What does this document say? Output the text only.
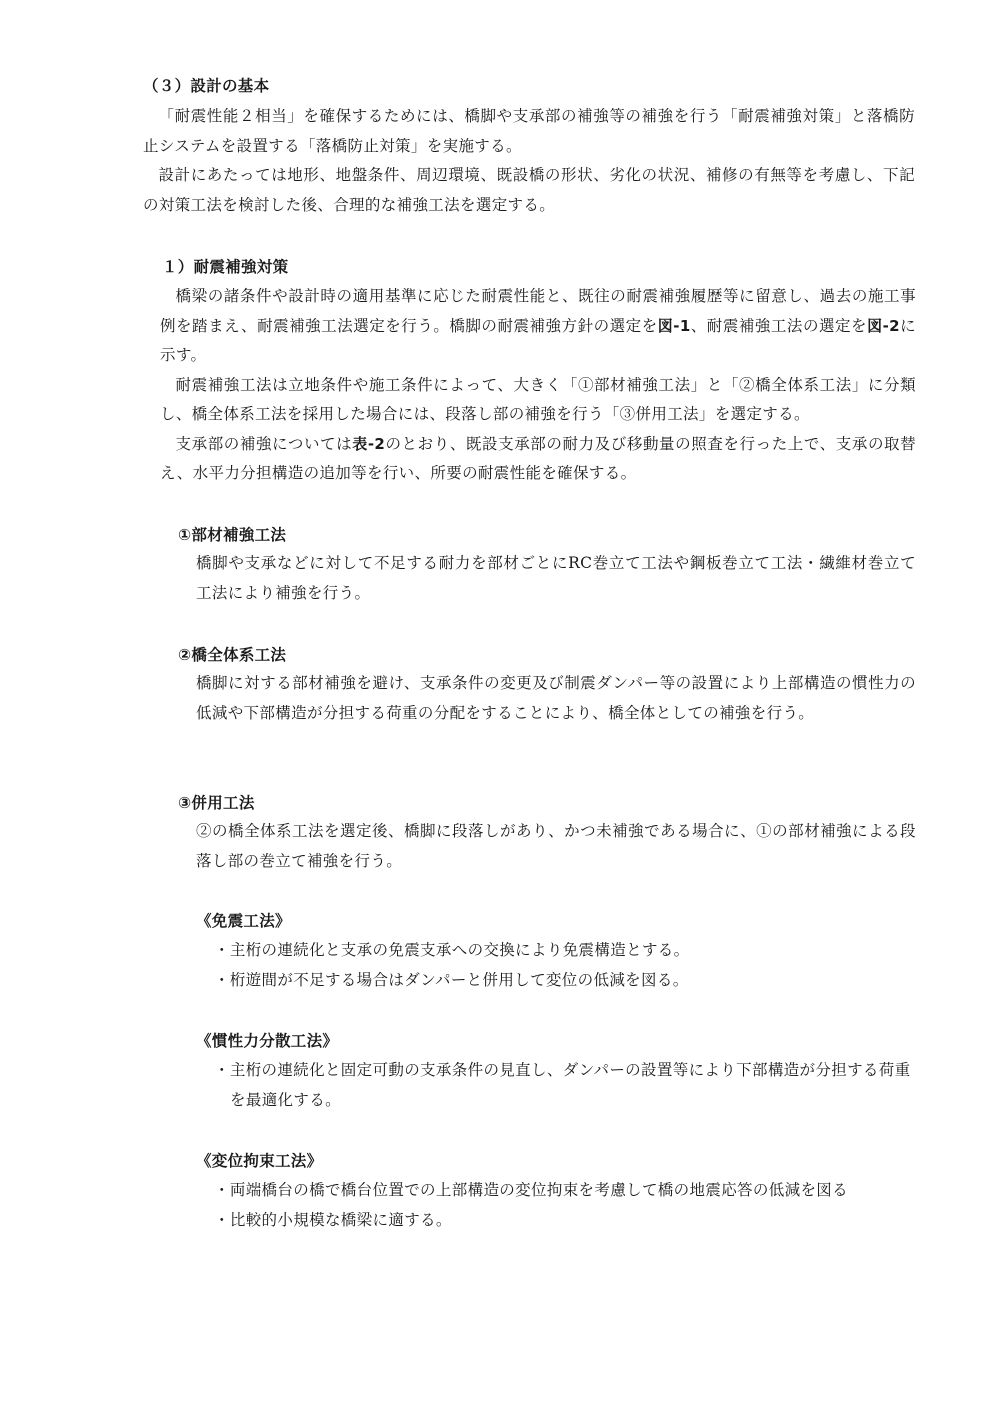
（３）設計の基本

「耐震性能２相当」を確保するためには、橋脚や支承部の補強等の補強を行う「耐震補強対策」と落橋防止システムを設置する「落橋防止対策」を実施する。

設計にあたっては地形、地盤条件、周辺環境、既設橋の形状、劣化の状況、補修の有無等を考慮し、下記の対策工法を検討した後、合理的な補強工法を選定する。

１）耐震補強対策

橋梁の諸条件や設計時の適用基準に応じた耐震性能と、既往の耐震補強履歴等に留意し、過去の施工事例を踏まえ、耐震補強工法選定を行う。橋脚の耐震補強方針の選定を図-1、耐震補強工法の選定を図-2に示す。

耐震補強工法は立地条件や施工条件によって、大きく「①部材補強工法」と「②橋全体系工法」に分類し、橋全体系工法を採用した場合には、段落し部の補強を行う「③併用工法」を選定する。

支承部の補強については表-2のとおり、既設支承部の耐力及び移動量の照査を行った上で、支承の取替え、水平力分担構造の追加等を行い、所要の耐震性能を確保する。

①部材補強工法
橋脚や支承などに対して不足する耐力を部材ごとにRC巻立て工法や鋼板巻立て工法・繊維材巻立て工法により補強を行う。
②橋全体系工法
橋脚に対する部材補強を避け、支承条件の変更及び制震ダンパー等の設置により上部構造の慣性力の低減や下部構造が分担する荷重の分配をすることにより、橋全体としての補強を行う。
③併用工法
②の橋全体系工法を選定後、橋脚に段落しがあり、かつ未補強である場合に、①の部材補強による段落し部の巻立て補強を行う。
《免震工法》
・主桁の連続化と支承の免震支承への交換により免震構造とする。
・桁遊間が不足する場合はダンパーと併用して変位の低減を図る。
《慣性力分散工法》
・主桁の連続化と固定可動の支承条件の見直し、ダンパーの設置等により下部構造が分担する荷重を最適化する。
《変位拘束工法》
・両端橋台の橋で橋台位置での上部構造の変位拘束を考慮して橋の地震応答の低減を図る
・比較的小規模な橋梁に適する。
